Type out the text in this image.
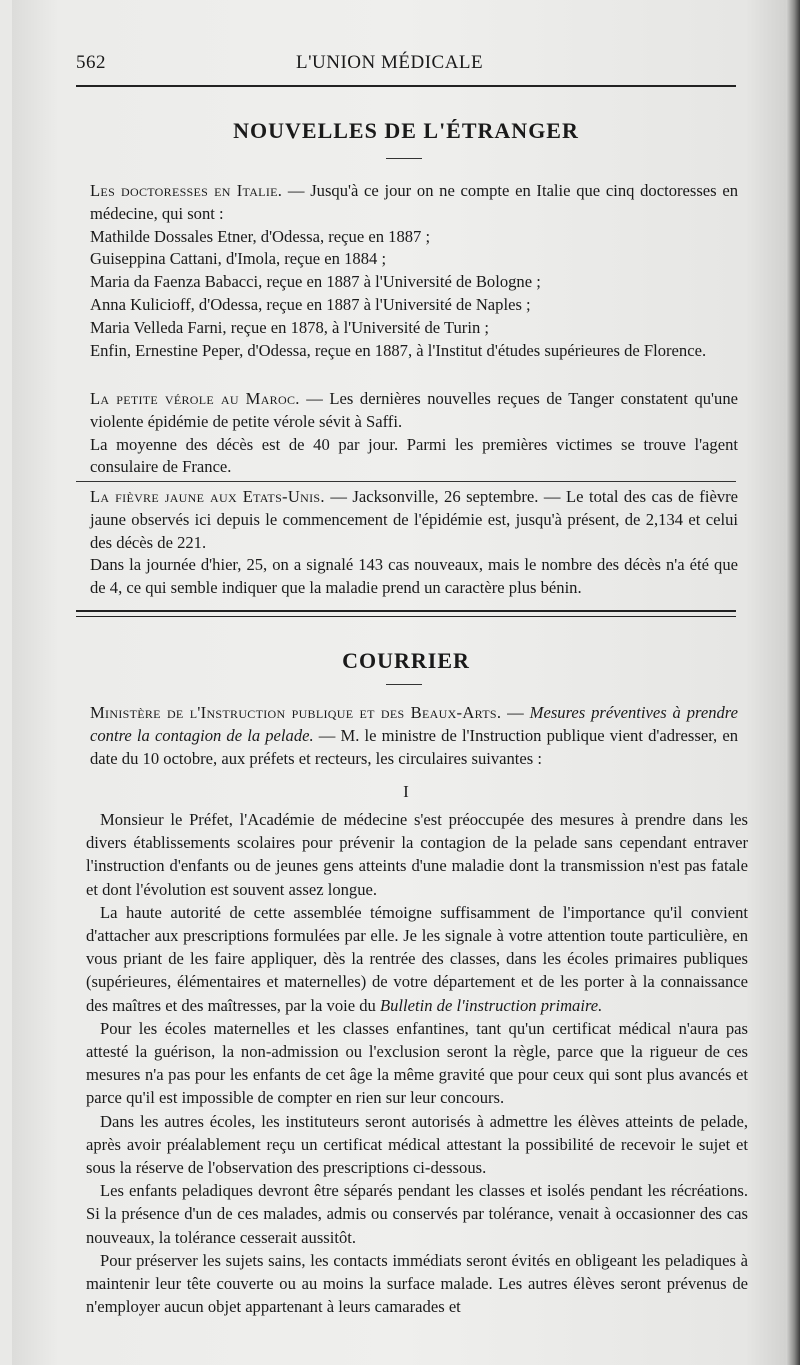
562	L'UNION MÉDICALE
NOUVELLES DE L'ÉTRANGER

Les doctoresses en Italie. — Jusqu'à ce jour on ne compte en Italie que cinq doctoresses en médecine, qui sont :

Mathilde Dossales Etner, d'Odessa, reçue en 1887 ;

Guiseppina Cattani, d'Imola, reçue en 1884 ;

Maria da Faenza Babacci, reçue en 1887 à l'Université de Bologne ;

Anna Kulicioff, d'Odessa, reçue en 1887 à l'Université de Naples ;

Maria Velleda Farni, reçue en 1878, à l'Université de Turin ;

Enfin, Ernestine Peper, d'Odessa, reçue en 1887, à l'Institut d'études supérieures de Florence.

La petite vérole au Maroc. — Les dernières nouvelles reçues de Tanger constatent qu'une violente épidémie de petite vérole sévit à Saffi.

La moyenne des décès est de 40 par jour. Parmi les premières victimes se trouve l'agent consulaire de France.

La fièvre jaune aux Etats-Unis. — Jacksonville, 26 septembre. — Le total des cas de fièvre jaune observés ici depuis le commencement de l'épidémie est, jusqu'à présent, de 2,134 et celui des décès de 221.

Dans la journée d'hier, 25, on a signalé 143 cas nouveaux, mais le nombre des décès n'a été que de 4, ce qui semble indiquer que la maladie prend un caractère plus bénin.

COURRIER

Ministère de l'Instruction publique et des Beaux-Arts. — Mesures préventives à prendre contre la contagion de la pelade. — M. le ministre de l'Instruction publique vient d'adresser, en date du 10 octobre, aux préfets et recteurs, les circulaires suivantes :

I

Monsieur le Préfet, l'Académie de médecine s'est préoccupée des mesures à prendre dans les divers établissements scolaires pour prévenir la contagion de la pelade sans cependant entraver l'instruction d'enfants ou de jeunes gens atteints d'une maladie dont la transmission n'est pas fatale et dont l'évolution est souvent assez longue.

La haute autorité de cette assemblée témoigne suffisamment de l'importance qu'il convient d'attacher aux prescriptions formulées par elle. Je les signale à votre attention toute particulière, en vous priant de les faire appliquer, dès la rentrée des classes, dans les écoles primaires publiques (supérieures, élémentaires et maternelles) de votre département et de les porter à la connaissance des maîtres et des maîtresses, par la voie du Bulletin de l'instruction primaire.

Pour les écoles maternelles et les classes enfantines, tant qu'un certificat médical n'aura pas attesté la guérison, la non-admission ou l'exclusion seront la règle, parce que la rigueur de ces mesures n'a pas pour les enfants de cet âge la même gravité que pour ceux qui sont plus avancés et parce qu'il est impossible de compter en rien sur leur concours.

Dans les autres écoles, les instituteurs seront autorisés à admettre les élèves atteints de pelade, après avoir préalablement reçu un certificat médical attestant la possibilité de recevoir le sujet et sous la réserve de l'observation des prescriptions ci-dessous.

Les enfants peladiques devront être séparés pendant les classes et isolés pendant les récréations. Si la présence d'un de ces malades, admis ou conservés par tolérance, venait à occasionner des cas nouveaux, la tolérance cesserait aussitôt.

Pour préserver les sujets sains, les contacts immédiats seront évités en obligeant les peladiques à maintenir leur tête couverte ou au moins la surface malade. Les autres élèves seront prévenus de n'employer aucun objet appartenant à leurs camarades et
